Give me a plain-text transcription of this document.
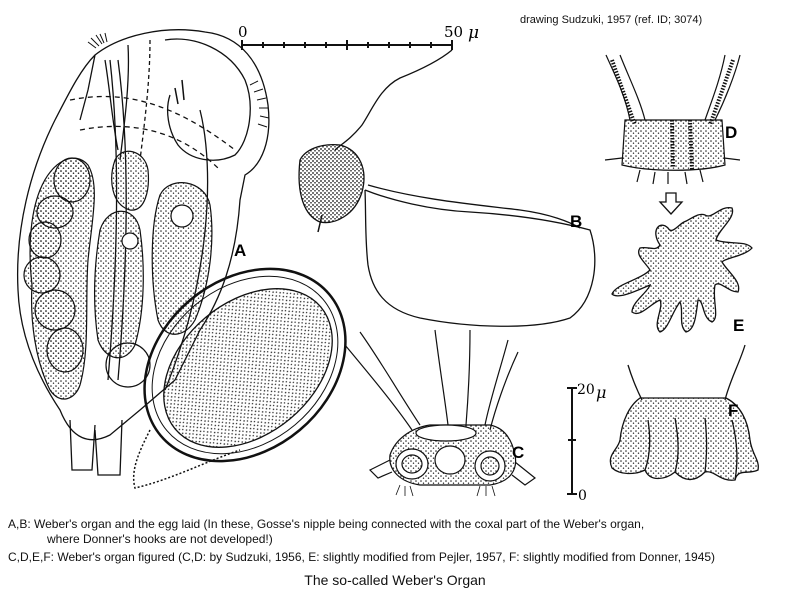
0	50 μ
20 μ
0
A
B
C
D
E
F
drawing Sudzuki, 1957 (ref. ID; 3074)
A,B: Weber's organ and the egg laid (In these, Gosse's nipple being connected with the coxal part of the Weber's organ,
where Donner's hooks are not developed!)
C,D,E,F: Weber's organ figured (C,D: by Sudzuki, 1956, E: slightly modified from Pejler, 1957, F: slightly modified from Donner, 1945)
The so-called Weber's Organ
